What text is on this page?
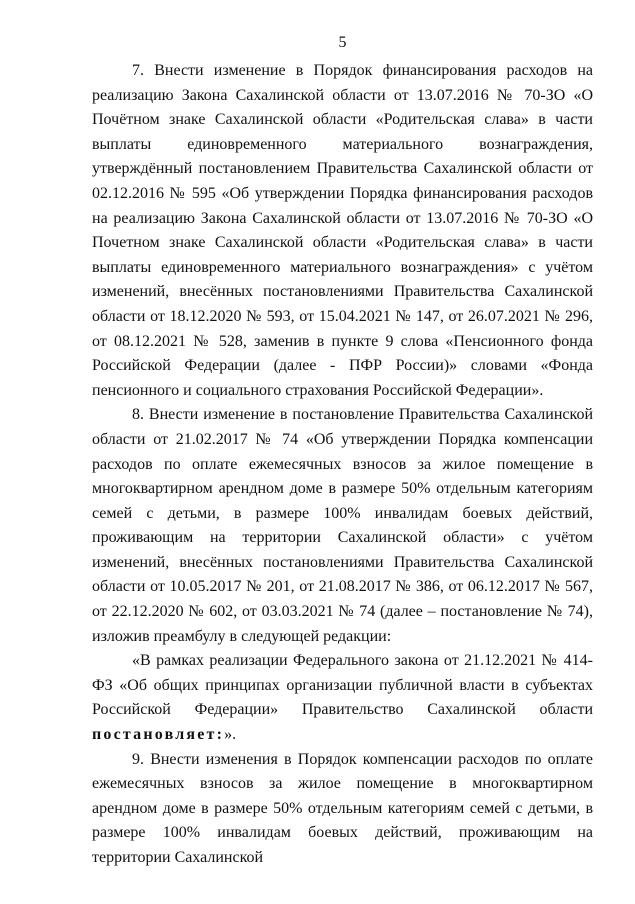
5

7. Внести изменение в Порядок финансирования расходов на реализацию Закона Сахалинской области от 13.07.2016 № 70-ЗО «О Почётном знаке Сахалинской области «Родительская слава» в части выплаты единовременного материального вознаграждения, утверждённый постановлением Правительства Сахалинской области от 02.12.2016 № 595 «Об утверждении Порядка финансирования расходов на реализацию Закона Сахалинской области от 13.07.2016 № 70-ЗО «О Почетном знаке Сахалинской области «Родительская слава» в части выплаты единовременного материального вознаграждения» с учётом изменений, внесённых постановлениями Правительства Сахалинской области от 18.12.2020 № 593, от 15.04.2021 № 147, от 26.07.2021 № 296, от 08.12.2021 № 528, заменив в пункте 9 слова «Пенсионного фонда Российской Федерации (далее - ПФР России)» словами «Фонда пенсионного и социального страхования Российской Федерации».

8. Внести изменение в постановление Правительства Сахалинской области от 21.02.2017 № 74 «Об утверждении Порядка компенсации расходов по оплате ежемесячных взносов за жилое помещение в многоквартирном арендном доме в размере 50% отдельным категориям семей с детьми, в размере 100% инвалидам боевых действий, проживающим на территории Сахалинской области» с учётом изменений, внесённых постановлениями Правительства Сахалинской области от 10.05.2017 № 201, от 21.08.2017 № 386, от 06.12.2017 № 567, от 22.12.2020 № 602, от 03.03.2021 № 74 (далее – постановление № 74), изложив преамбулу в следующей редакции:

«В рамках реализации Федерального закона от 21.12.2021 № 414-ФЗ «Об общих принципах организации публичной власти в субъектах Российской Федерации» Правительство Сахалинской области постановляет:».

9. Внести изменения в Порядок компенсации расходов по оплате ежемесячных взносов за жилое помещение в многоквартирном арендном доме в размере 50% отдельным категориям семей с детьми, в размере 100% инвалидам боевых действий, проживающим на территории Сахалинской
